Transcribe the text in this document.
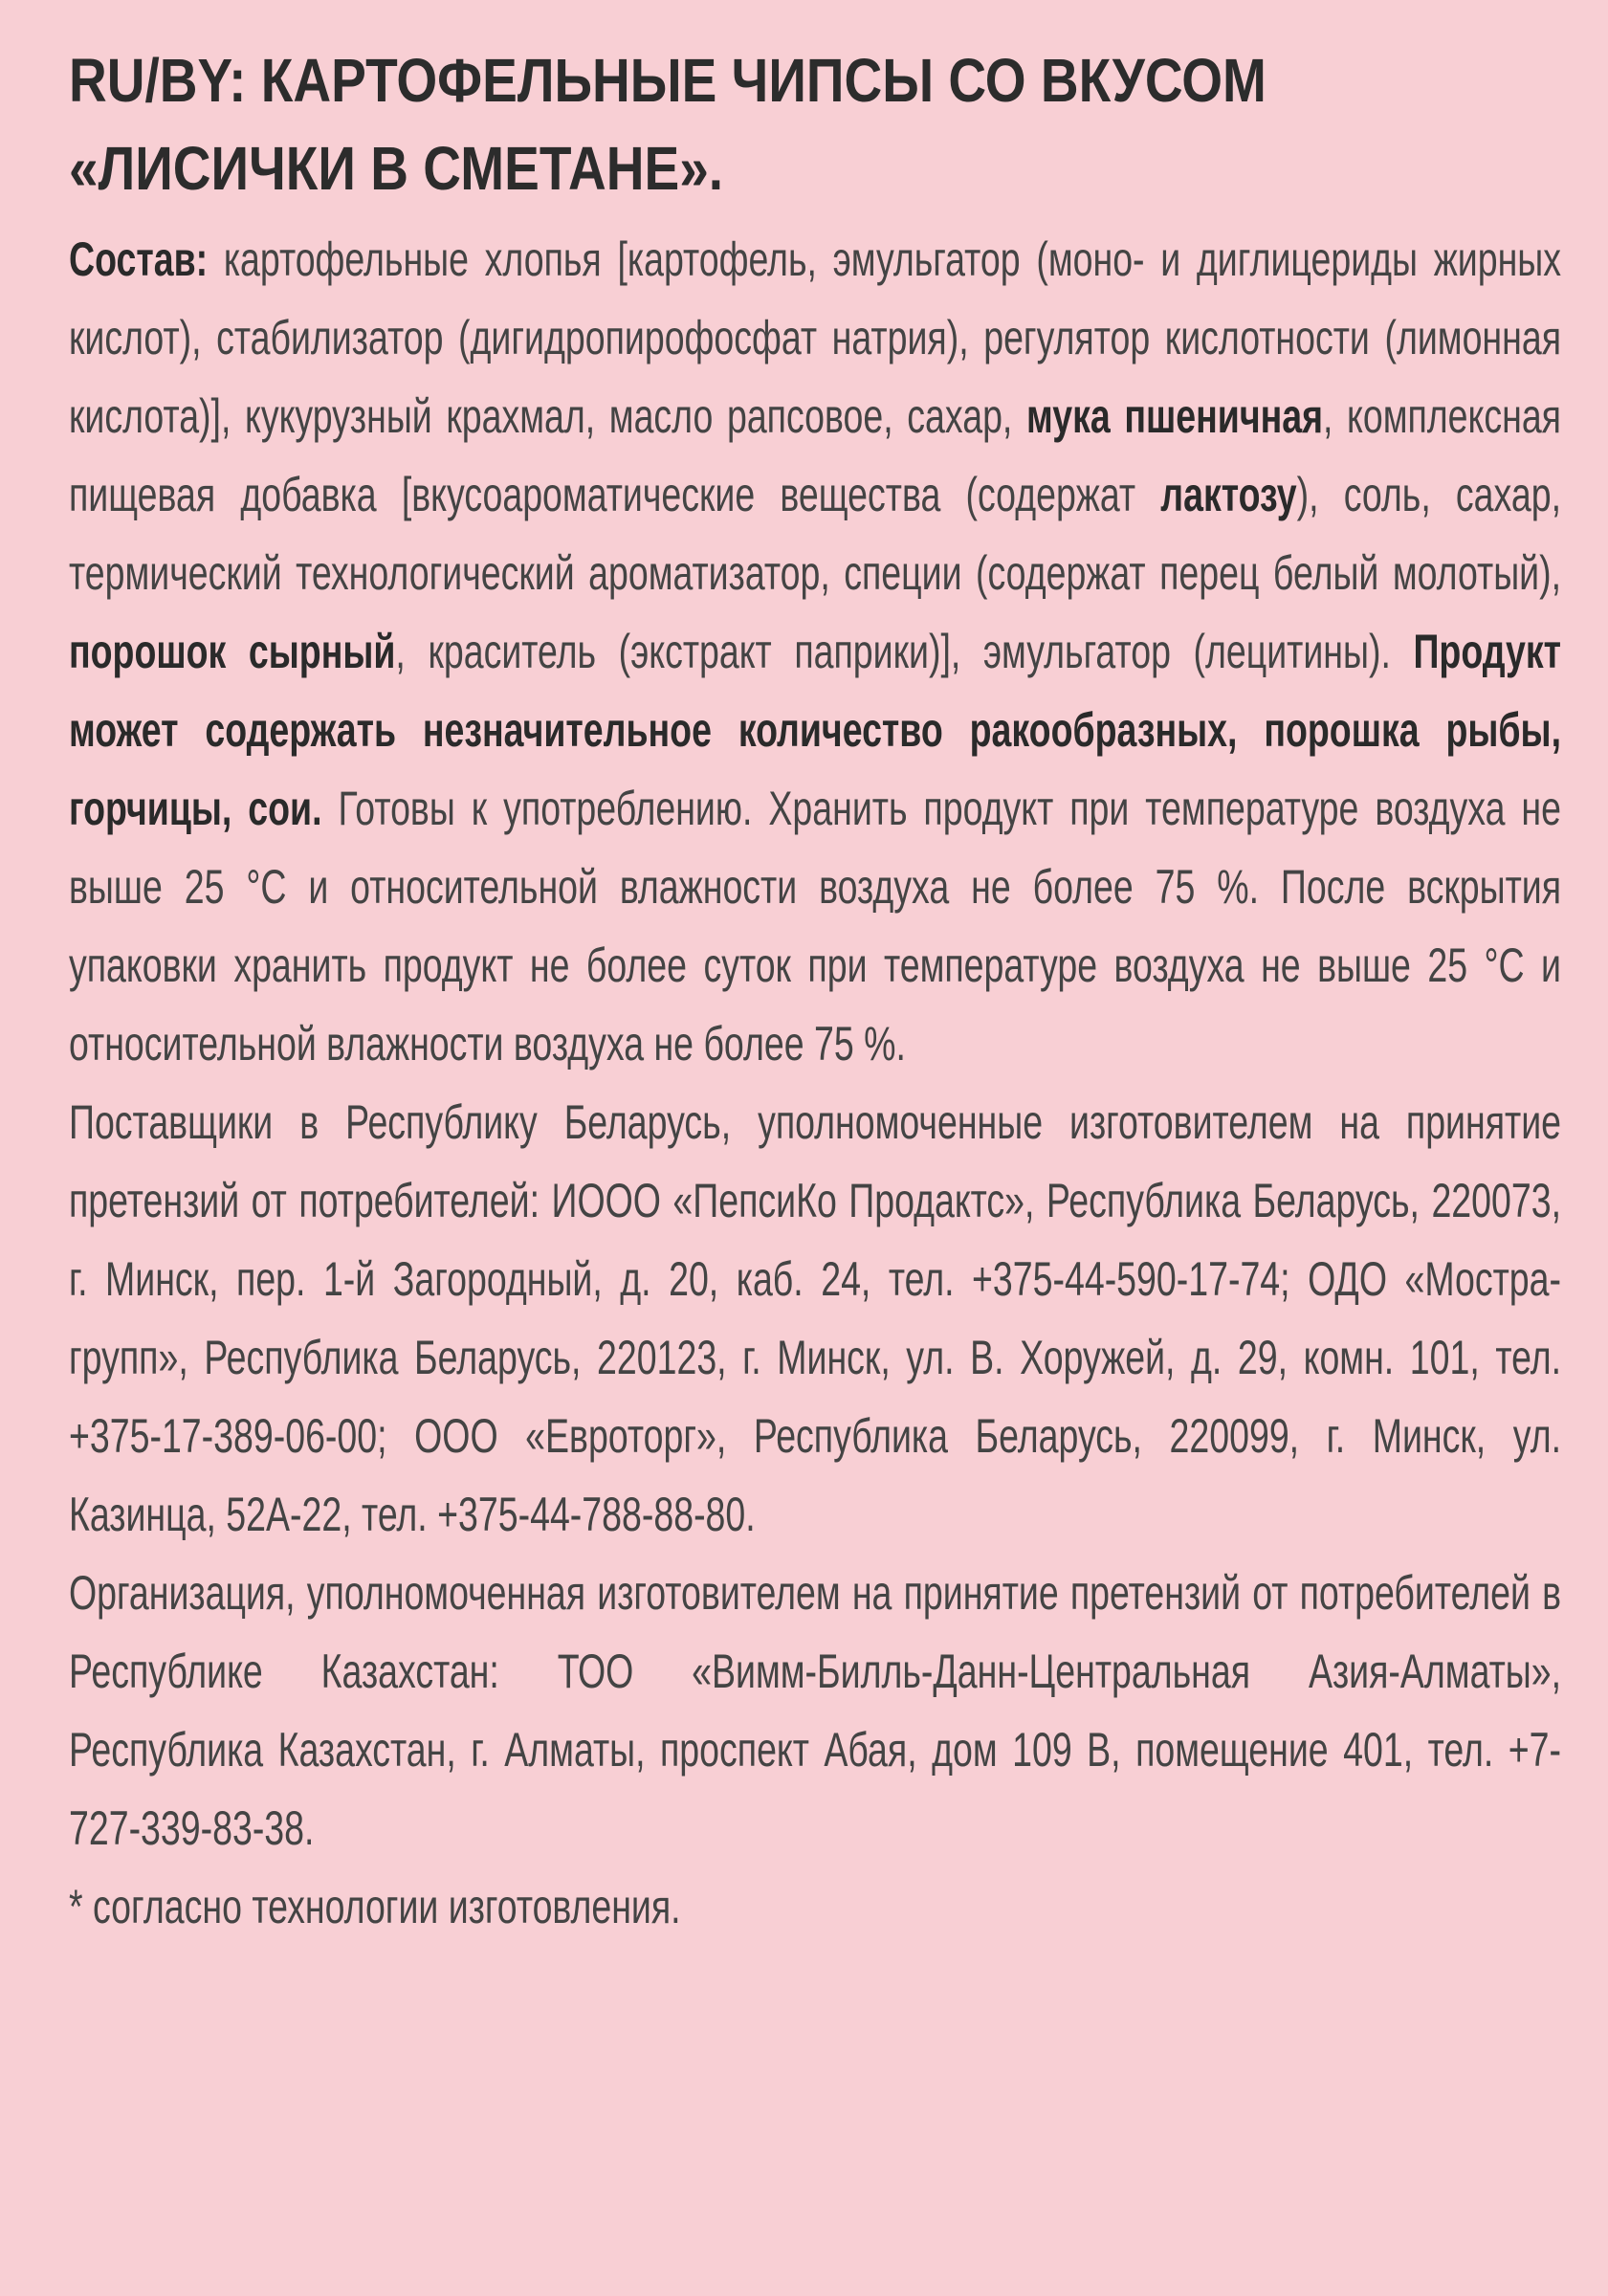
RU/BY: КАРТОФЕЛЬНЫЕ ЧИПСЫ СО ВКУСОМ
«ЛИСИЧКИ В СМЕТАНЕ».

Состав: картофельные хлопья [картофель, эмульгатор (моно- и диглицериды жирных кислот), стабилизатор (дигидропирофосфат натрия), регулятор кислотности (лимонная кислота)], кукурузный крахмал, масло рапсовое, сахар, мука пшеничная, комплексная пищевая добавка [вкусоароматические вещества (содержат лактозу), соль, сахар, термический технологический ароматизатор, специи (содержат перец белый молотый), порошок сырный, краситель (экстракт паприки)], эмульгатор (лецитины). Продукт может содержать незначительное количество ракообразных, порошка рыбы, горчицы, сои. Готовы к употреблению. Хранить продукт при температуре воздуха не выше 25 °С и относительной влажности воздуха не более 75 %. После вскрытия упаковки хранить продукт не более суток при температуре воздуха не выше 25 °С и относительной влажности воздуха не более 75 %.

Поставщики в Республику Беларусь, уполномоченные изготовителем на принятие претензий от потребителей: ИООО «ПепсиКо Продактс», Республика Беларусь, 220073, г. Минск, пер. 1-й Загородный, д. 20, каб. 24, тел. +375-44-590-17-74; ОДО «Мостра-групп», Республика Беларусь, 220123, г. Минск, ул. В. Хоружей, д. 29, комн. 101, тел. +375-17-389-06-00; ООО «Евроторг», Республика Беларусь, 220099, г. Минск, ул. Казинца, 52А-22, тел. +375-44-788-88-80.

Организация, уполномоченная изготовителем на принятие претензий от потребителей в Республике Казахстан: ТОО «Вимм-Билль-Данн-Центральная Азия-Алматы», Республика Казахстан, г. Алматы, проспект Абая, дом 109 В, помещение 401, тел. +7-727-339-83-38.

* согласно технологии изготовления.
